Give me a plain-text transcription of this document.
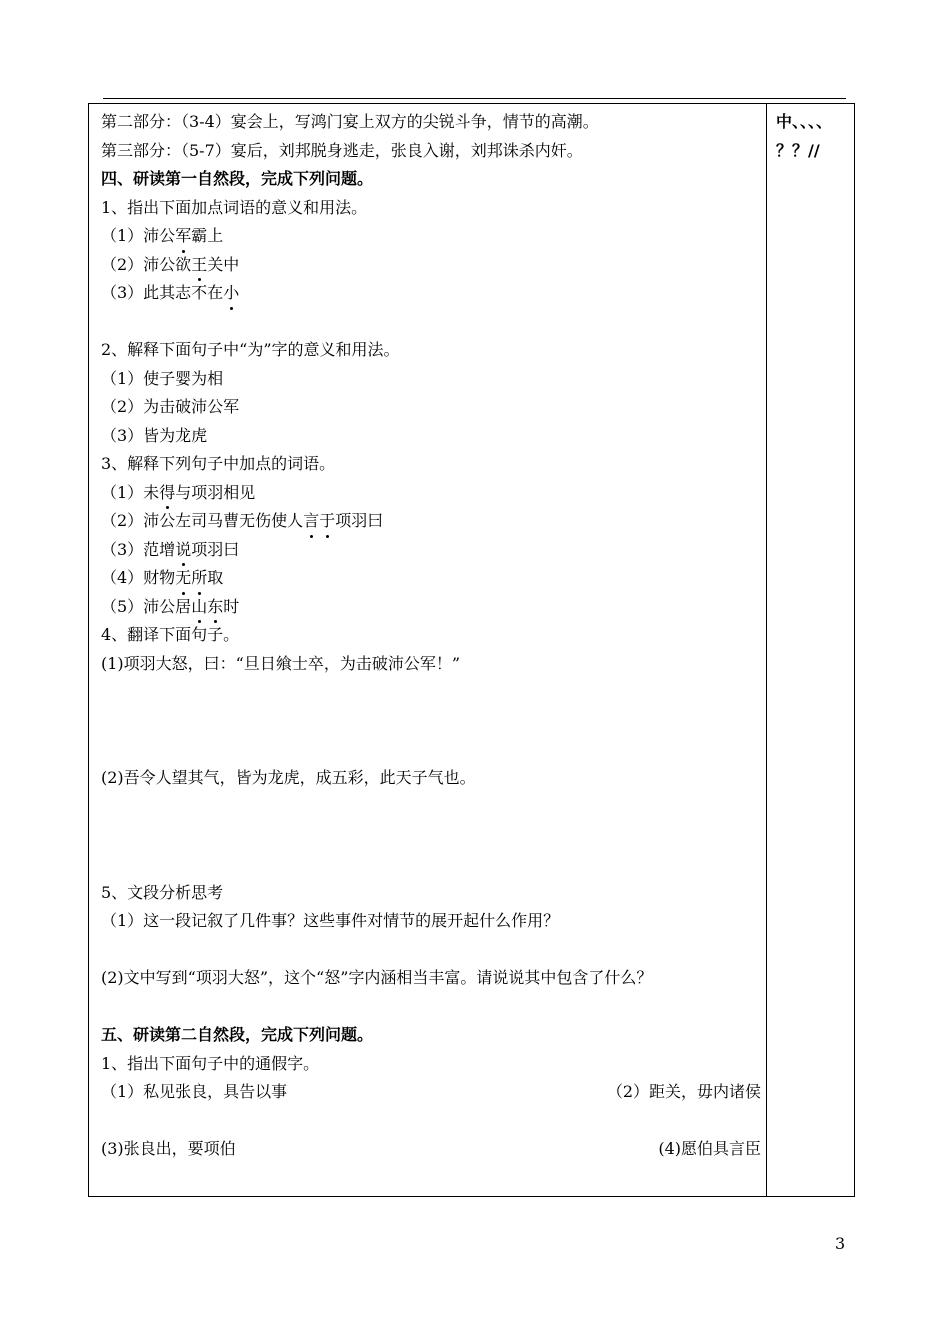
第二部分：（3-4）宴会上，写鸿门宴上双方的尖锐斗争，情节的高潮。
第三部分：（5-7）宴后，刘邦脱身逃走，张良入谢，刘邦诛杀内奸。
四、研读第一自然段，完成下列问题。
1、指出下面加点词语的意义和用法。
（1）沛公军霸上
（2）沛公欲王关中
（3）此其志不在小
2、解释下面句子中“为”字的意义和用法。
（1）使子婴为相
（2）为击破沛公军
（3）皆为龙虎
3、解释下列句子中加点的词语。
（1）未得与项羽相见
（2）沛公左司马曹无伤使人言于项羽曰
（3）范增说项羽曰
（4）财物无所取
（5）沛公居山东时
4、翻译下面句子。
(1)项羽大怒，曰：“旦日飨士卒，为击破沛公军！”
(2)吾令人望其气，皆为龙虎，成五彩，此天子气也。
5、文段分析思考
（1）这一段记叙了几件事？这些事件对情节的展开起什么作用？
(2)文中写到“项羽大怒”，这个“怒”字内涵相当丰富。请说说其中包含了什么？
五、研读第二自然段，完成下列问题。
1、指出下面句子中的通假字。
（1）私见张良，具告以事	（2）距关，毋内诸侯
(3)张良出，要项伯	(4)愿伯具言臣
中、、、、
？？//
3
